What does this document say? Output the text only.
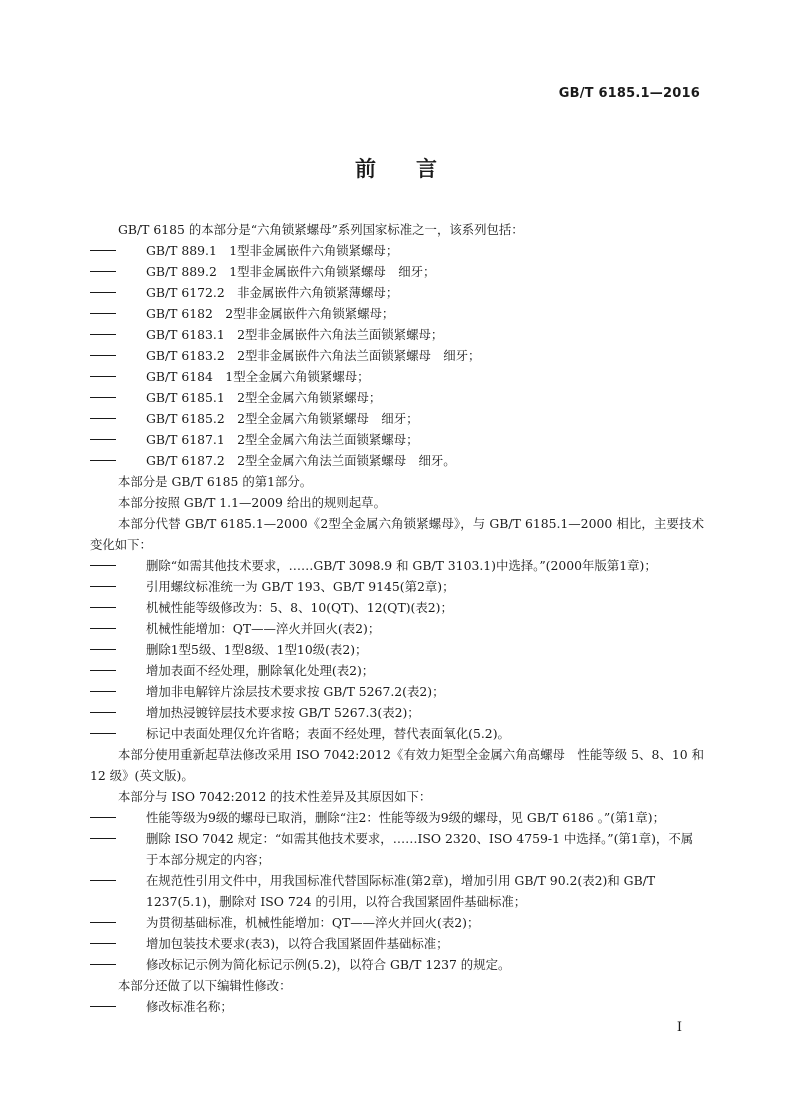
GB/T 6185.1—2016
前言

GB/T 6185 的本部分是“六角锁紧螺母”系列国家标准之一，该系列包括：

GB/T 889.1　1型非金属嵌件六角锁紧螺母；

GB/T 889.2　1型非金属嵌件六角锁紧螺母　细牙；

GB/T 6172.2　非金属嵌件六角锁紧薄螺母；

GB/T 6182　2型非金属嵌件六角锁紧螺母；

GB/T 6183.1　2型非金属嵌件六角法兰面锁紧螺母；

GB/T 6183.2　2型非金属嵌件六角法兰面锁紧螺母　细牙；

GB/T 6184　1型全金属六角锁紧螺母；

GB/T 6185.1　2型全金属六角锁紧螺母；

GB/T 6185.2　2型全金属六角锁紧螺母　细牙；

GB/T 6187.1　2型全金属六角法兰面锁紧螺母；

GB/T 6187.2　2型全金属六角法兰面锁紧螺母　细牙。

本部分是 GB/T 6185 的第1部分。

本部分按照 GB/T 1.1—2009 给出的规则起草。

本部分代替 GB/T 6185.1—2000《2型全金属六角锁紧螺母》，与 GB/T 6185.1—2000 相比，主要技术变化如下：

删除“如需其他技术要求，……GB/T 3098.9 和 GB/T 3103.1)中选择。”(2000年版第1章)；

引用螺纹标准统一为 GB/T 193、GB/T 9145(第2章)；

机械性能等级修改为：5、8、10(QT)、12(QT)(表2)；

机械性能增加：QT——淬火并回火(表2)；

删除1型5级、1型8级、1型10级(表2)；

增加表面不经处理，删除氧化处理(表2)；

增加非电解锌片涂层技术要求按 GB/T 5267.2(表2)；

增加热浸镀锌层技术要求按 GB/T 5267.3(表2)；

标记中表面处理仅允许省略；表面不经处理，替代表面氧化(5.2)。

本部分使用重新起草法修改采用 ISO 7042:2012《有效力矩型全金属六角高螺母　性能等级 5、8、10 和 12 级》(英文版)。

本部分与 ISO 7042:2012 的技术性差异及其原因如下：

性能等级为9级的螺母已取消，删除“注2：性能等级为9级的螺母，见 GB/T 6186 。”(第1章)；

删除 ISO 7042 规定：“如需其他技术要求，……ISO 2320、ISO 4759-1 中选择。”(第1章)，不属于本部分规定的内容；

在规范性引用文件中，用我国标准代替国际标准(第2章)，增加引用 GB/T 90.2(表2)和 GB/T 1237(5.1)，删除对 ISO 724 的引用，以符合我国紧固件基础标准；

为贯彻基础标准，机械性能增加：QT——淬火并回火(表2)；

增加包装技术要求(表3)，以符合我国紧固件基础标准；

修改标记示例为简化标记示例(5.2)，以符合 GB/T 1237 的规定。

本部分还做了以下编辑性修改：

修改标准名称；

I
